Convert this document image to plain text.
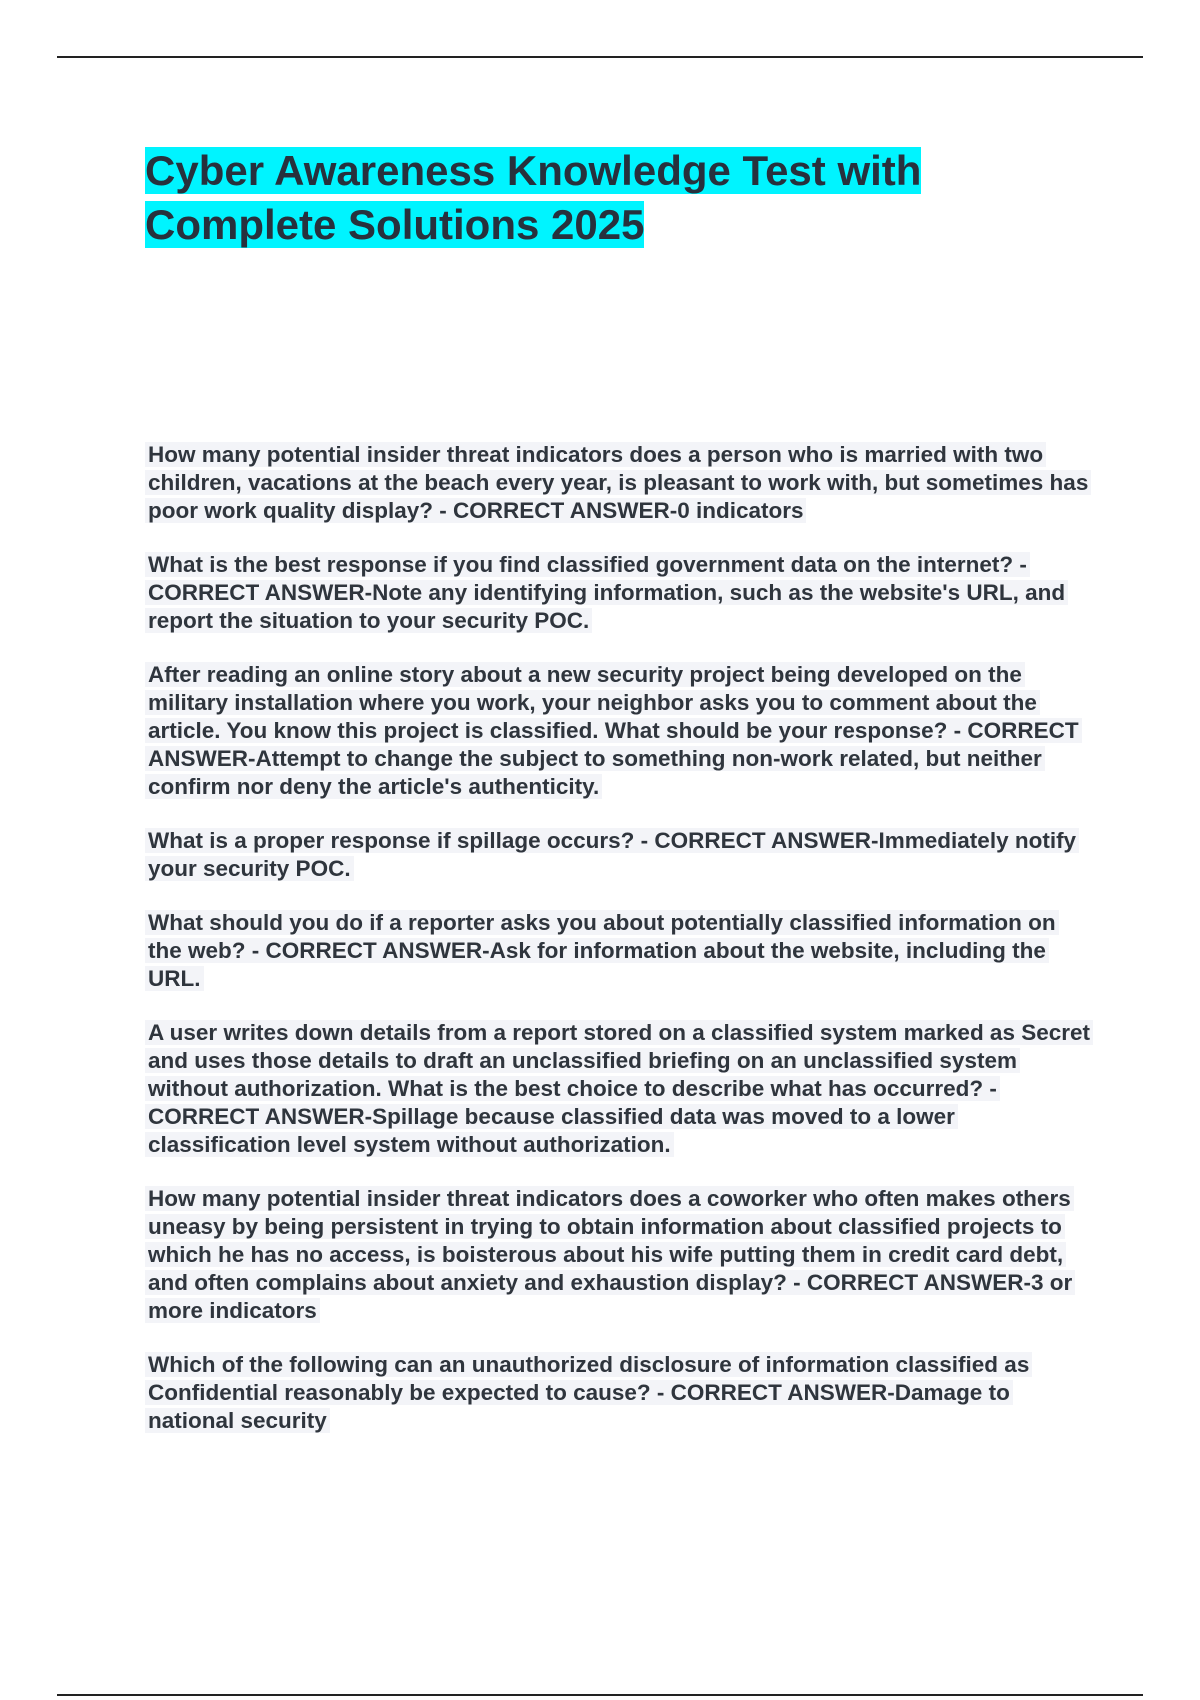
Cyber Awareness Knowledge Test with Complete Solutions 2025

How many potential insider threat indicators does a person who is married with two children, vacations at the beach every year, is pleasant to work with, but sometimes has poor work quality display? - CORRECT ANSWER-0 indicators

What is the best response if you find classified government data on the internet? - CORRECT ANSWER-Note any identifying information, such as the website's URL, and report the situation to your security POC.

After reading an online story about a new security project being developed on the military installation where you work, your neighbor asks you to comment about the article. You know this project is classified. What should be your response? - CORRECT ANSWER-Attempt to change the subject to something non-work related, but neither confirm nor deny the article's authenticity.

What is a proper response if spillage occurs? - CORRECT ANSWER-Immediately notify your security POC.

What should you do if a reporter asks you about potentially classified information on the web? - CORRECT ANSWER-Ask for information about the website, including the URL.

A user writes down details from a report stored on a classified system marked as Secret and uses those details to draft an unclassified briefing on an unclassified system without authorization. What is the best choice to describe what has occurred? - CORRECT ANSWER-Spillage because classified data was moved to a lower classification level system without authorization.

How many potential insider threat indicators does a coworker who often makes others uneasy by being persistent in trying to obtain information about classified projects to which he has no access, is boisterous about his wife putting them in credit card debt, and often complains about anxiety and exhaustion display? - CORRECT ANSWER-3 or more indicators

Which of the following can an unauthorized disclosure of information classified as Confidential reasonably be expected to cause? - CORRECT ANSWER-Damage to national security
